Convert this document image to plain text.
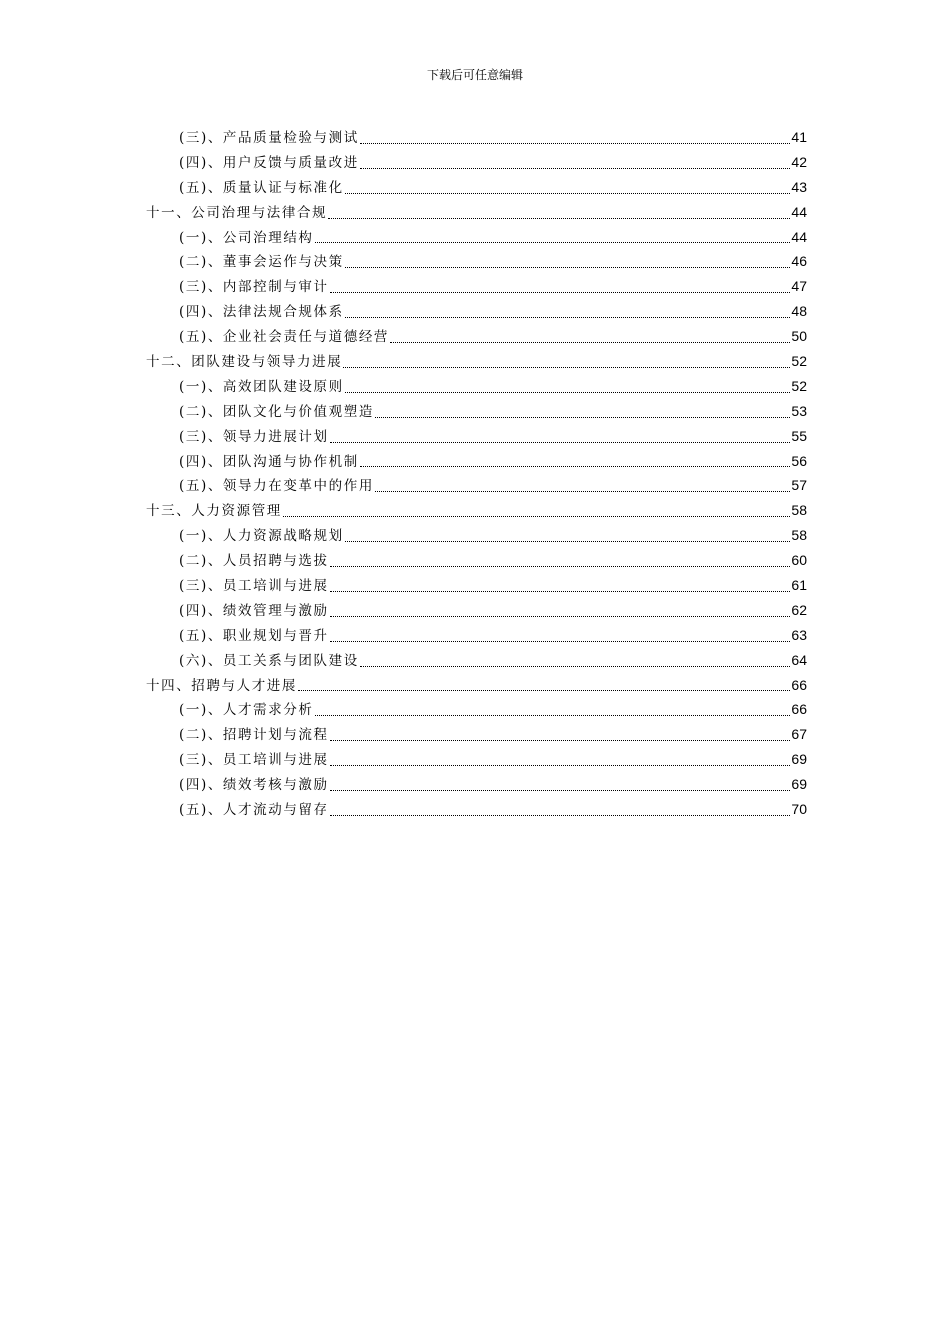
下载后可任意编辑
(三)、产品质量检验与测试	41
(四)、用户反馈与质量改进	42
(五)、质量认证与标准化	43
十一、公司治理与法律合规	44
(一)、公司治理结构	44
(二)、董事会运作与决策	46
(三)、内部控制与审计	47
(四)、法律法规合规体系	48
(五)、企业社会责任与道德经营	50
十二、团队建设与领导力进展	52
(一)、高效团队建设原则	52
(二)、团队文化与价值观塑造	53
(三)、领导力进展计划	55
(四)、团队沟通与协作机制	56
(五)、领导力在变革中的作用	57
十三、人力资源管理	58
(一)、人力资源战略规划	58
(二)、人员招聘与选拔	60
(三)、员工培训与进展	61
(四)、绩效管理与激励	62
(五)、职业规划与晋升	63
(六)、员工关系与团队建设	64
十四、招聘与人才进展	66
(一)、人才需求分析	66
(二)、招聘计划与流程	67
(三)、员工培训与进展	69
(四)、绩效考核与激励	69
(五)、人才流动与留存	70
